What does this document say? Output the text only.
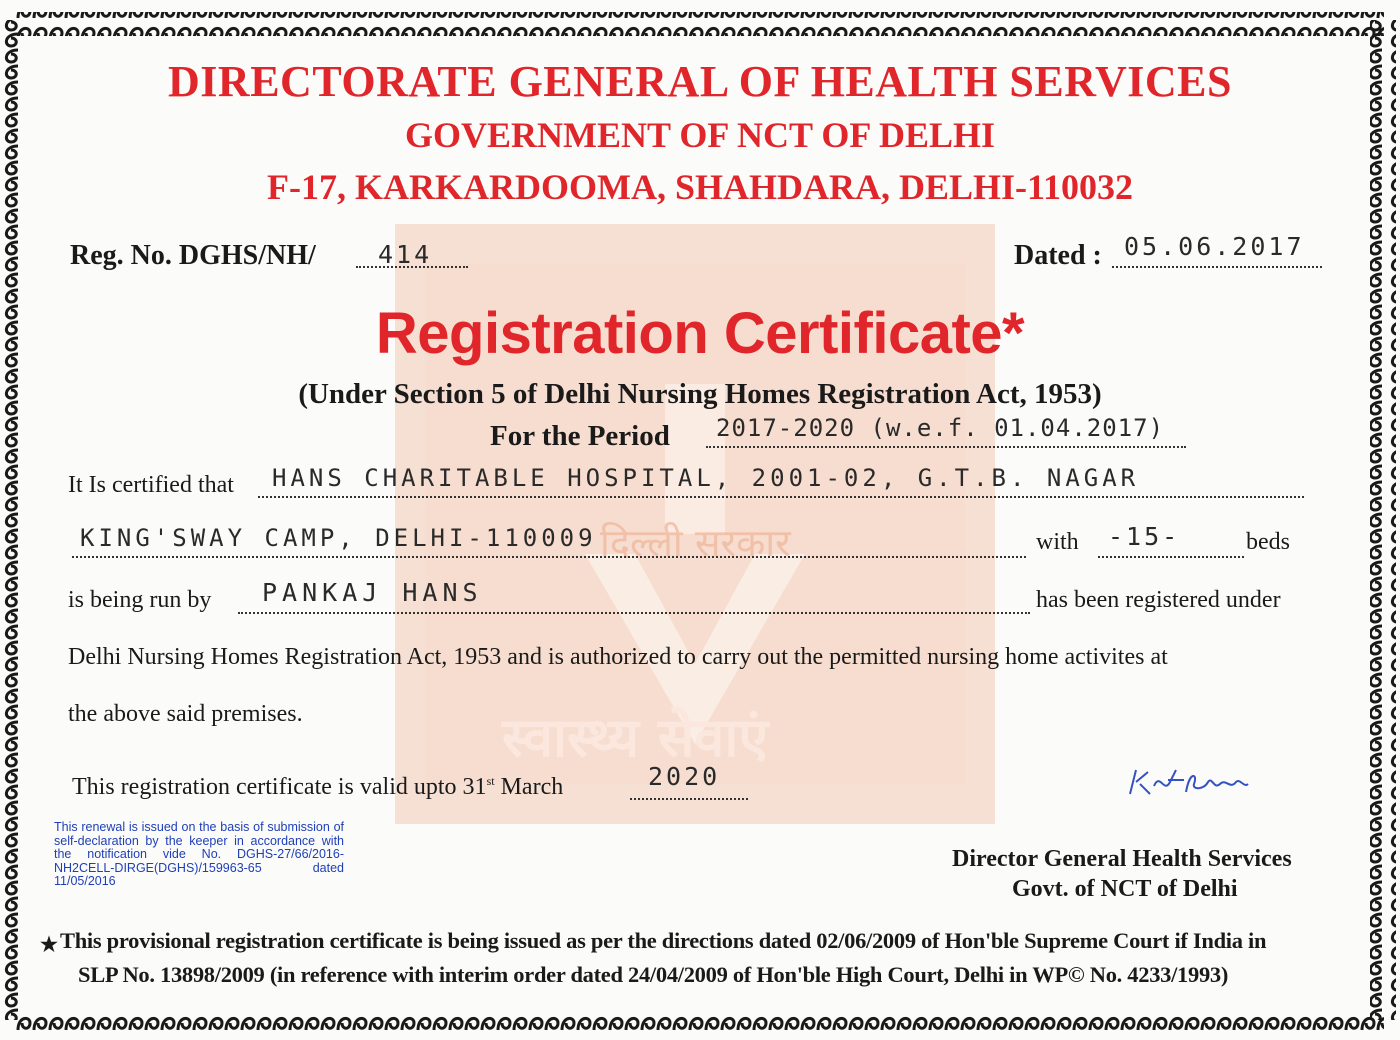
दिल्ली सरकार
स्वास्थ्य सेवाएं
DIRECTORATE GENERAL OF HEALTH SERVICES
GOVERNMENT OF NCT OF DELHI
F-17, KARKARDOOMA, SHAHDARA, DELHI-110032
Reg. No. DGHS/NH/ 414	Dated : 05.06.2017
Registration Certificate*
(Under Section 5 of Delhi Nursing Homes Registration Act, 1953)
For the Period 2017-2020 (w.e.f. 01.04.2017)
It Is certified that HANS CHARITABLE HOSPITAL, 2001-02, G.T.B. NAGAR
KING'SWAY CAMP, DELHI-110009	with -15-	beds
is being run by PANKAJ HANS	has been registered under
Delhi Nursing Homes Registration Act, 1953 and is authorized to carry out the permitted nursing home activites at
the above said premises.
This registration certificate is valid upto 31st March	2020
This renewal is issued on the basis of submission of self-declaration by the keeper in accordance with the notification vide No. DGHS-27/66/2016-NH2CELL-DIRGE(DGHS)/159963-65 dated 11/05/2016
Director General Health Services
Govt. of NCT of Delhi
★ This provisional registration certificate is being issued as per the directions dated 02/06/2009 of Hon'ble Supreme Court if India in
SLP No. 13898/2009 (in reference with interim order dated 24/04/2009 of Hon'ble High Court, Delhi in WP© No. 4233/1993)
